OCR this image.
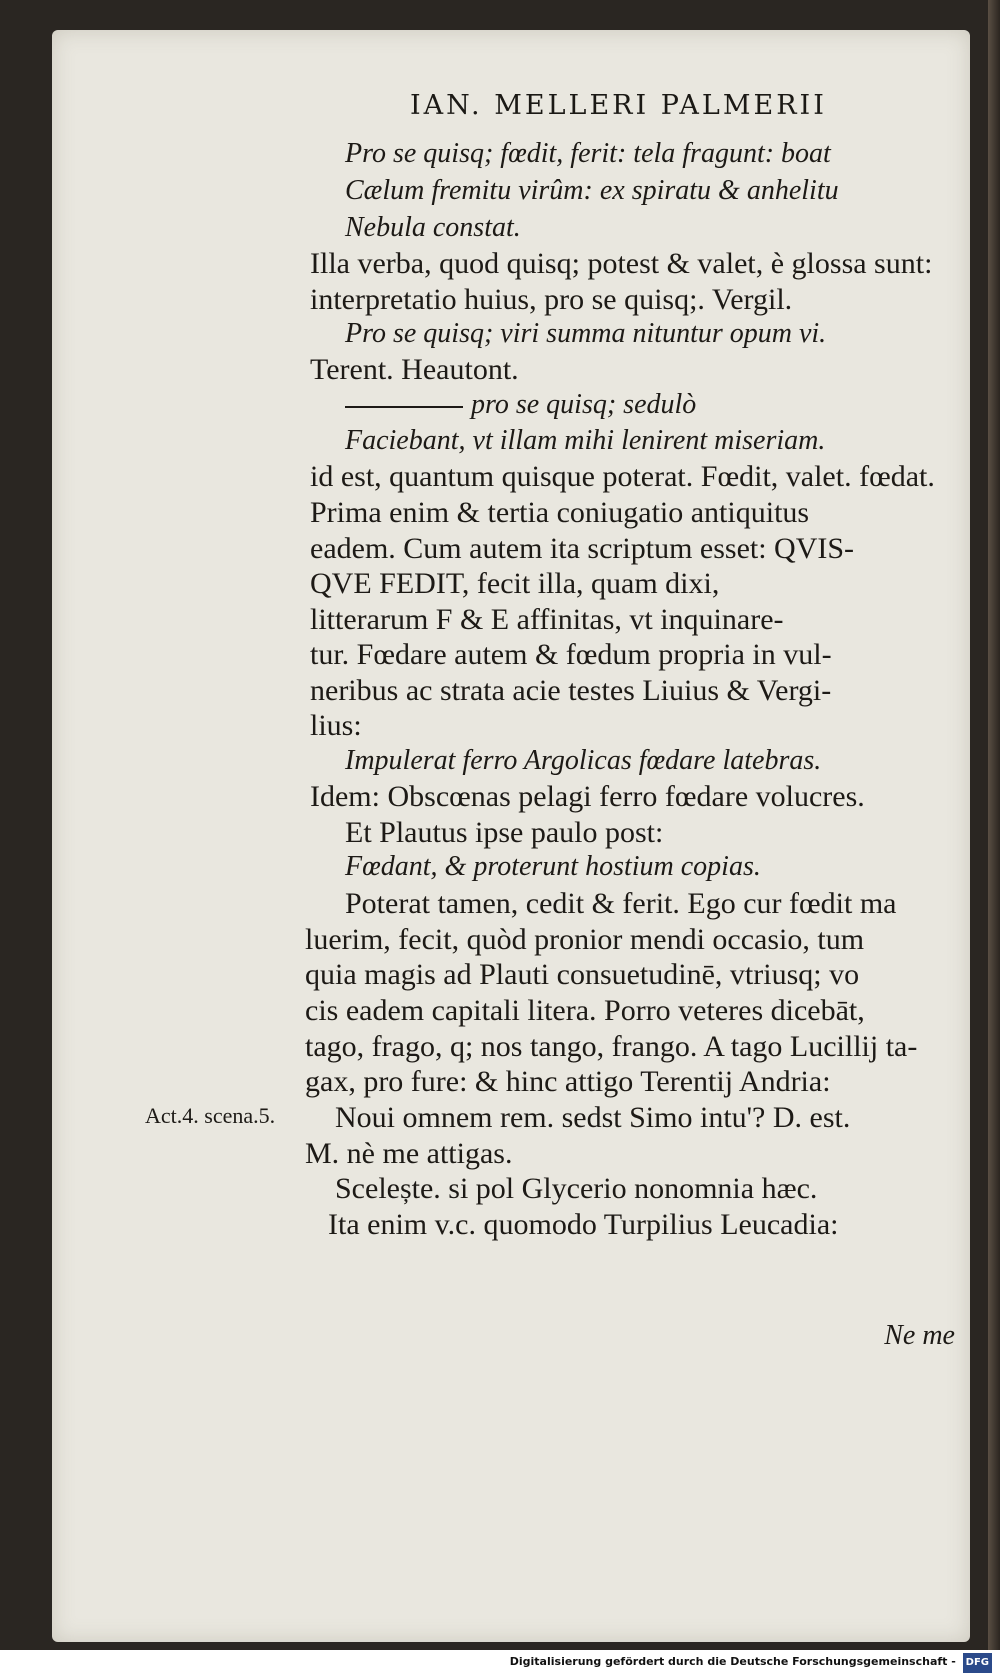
IAN. MELLERI PALMERII
Pro se quisq; fœdit, ferit: tela fragunt: boat
Cælum fremitu virûm: ex spiratu & anhelitu
Nebula constat.
Illa verba, quod quisq; potest & valet, è glossa sunt:
interpretatio huius, pro se quisq;. Vergil.
Pro se quisq; viri summa nituntur opum vi.
Terent. Heautont.
pro se quisq; sedulò
Faciebant, vt illam mihi lenirent miseriam.
id est, quantum quisque poterat. Fœdit, valet. fœdat.
Prima enim & tertia coniugatio antiquitus
eadem. Cum autem ita scriptum esset: QVIS-
QVE FEDIT, fecit illa, quam dixi,
litterarum F & E affinitas, vt inquinare-
tur. Fœdare autem & fœdum propria in vul-
neribus ac strata acie testes Liuius & Vergi-
lius:
Impulerat ferro Argolicas fœdare latebras.
Idem: Obscœnas pelagi ferro fœdare volucres.
Et Plautus ipse paulo post:
Fœdant, & proterunt hostium copias.
Poterat tamen, cedit & ferit. Ego cur fœdit ma
luerim, fecit, quòd pronior mendi occasio, tum
quia magis ad Plauti consuetudinē, vtriusq; vo
cis eadem capitali litera. Porro veteres dicebāt,
tago, frago, q; nos tango, frango. A tago Lucillij ta-
gax, pro fure: & hinc attigo Terentij Andria:
Noui omnem rem. sedst Simo intu'? D. est.
M. nè me attigas.
Scelește. si pol Glycerio nonomnia hæc.
Ita enim v.c. quomodo Turpilius Leucadia:
Act.4. scena.5.
Ne me
Digitalisierung gefördert durch die Deutsche Forschungsgemeinschaft - DFG
